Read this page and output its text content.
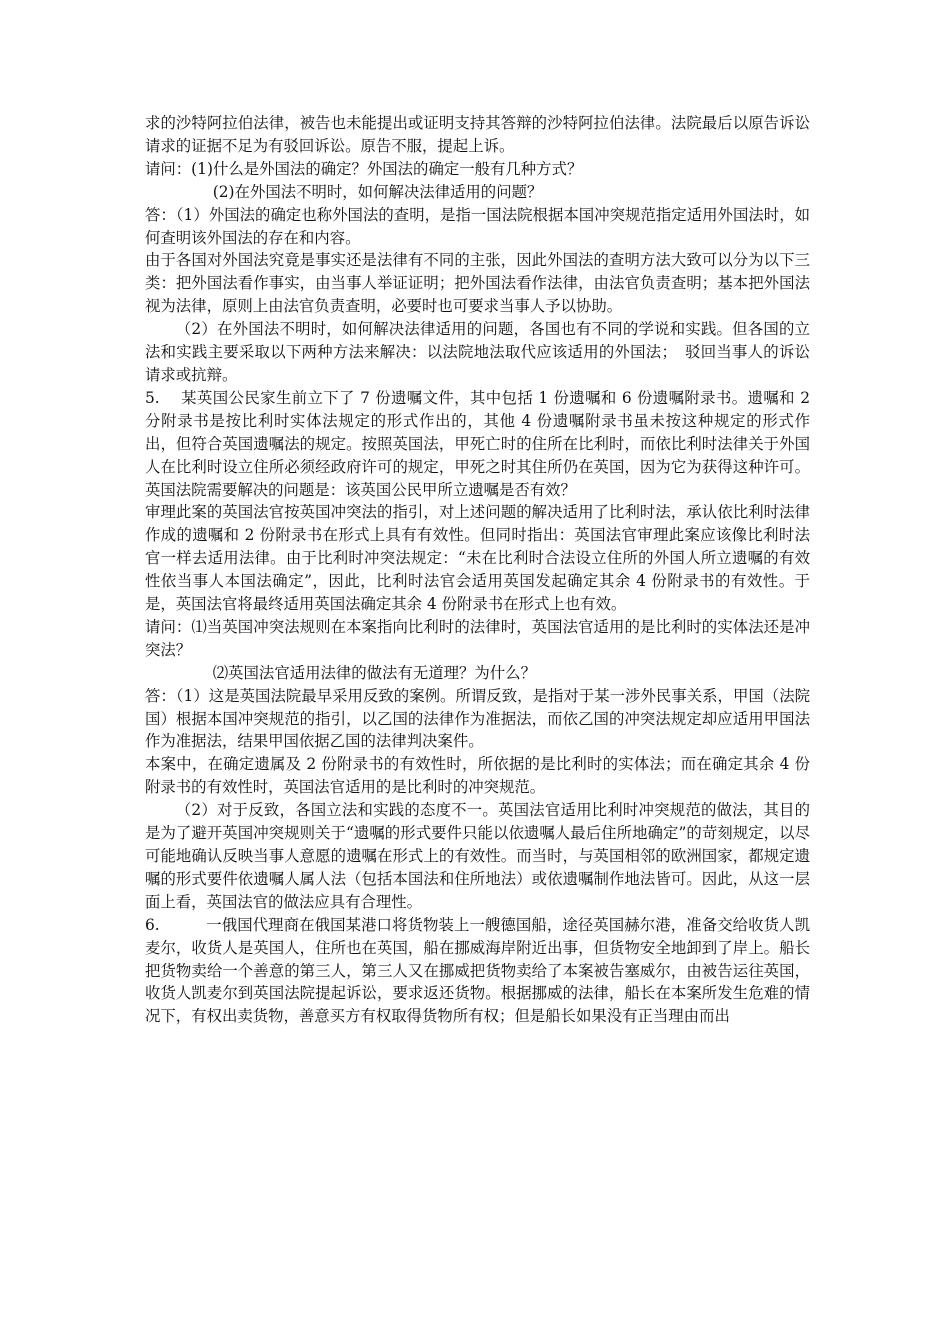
求的沙特阿拉伯法律，被告也未能提出或证明支持其答辩的沙特阿拉伯法律。法院最后以原告诉讼请求的证据不足为有驳回诉讼。原告不服，提起上诉。

请问：(1)什么是外国法的确定？外国法的确定一般有几种方式？

(2)在外国法不明时，如何解决法律适用的问题？

答：（1）外国法的确定也称外国法的查明，是指一国法院根据本国冲突规范指定适用外国法时，如何查明该外国法的存在和内容。

由于各国对外国法究竟是事实还是法律有不同的主张，因此外国法的查明方法大致可以分为以下三类：把外国法看作事实，由当事人举证证明；把外国法看作法律，由法官负责查明；基本把外国法视为法律，原则上由法官负责查明，必要时也可要求当事人予以协助。

（2）在外国法不明时，如何解决法律适用的问题，各国也有不同的学说和实践。但各国的立法和实践主要采取以下两种方法来解决：以法院地法取代应该适用的外国法；　驳回当事人的诉讼请求或抗辩。

5.　 某英国公民家生前立下了 7 份遗嘱文件，其中包括 1 份遗嘱和 6 份遗嘱附录书。遗嘱和 2 分附录书是按比利时实体法规定的形式作出的，其他 4 份遗嘱附录书虽未按这种规定的形式作出，但符合英国遗嘱法的规定。按照英国法，甲死亡时的住所在比利时，而依比利时法律关于外国人在比利时设立住所必须经政府许可的规定，甲死之时其住所仍在英国，因为它为获得这种许可。英国法院需要解决的问题是：该英国公民甲所立遗嘱是否有效？

审理此案的英国法官按英国冲突法的指引，对上述问题的解决适用了比利时法，承认依比利时法律作成的遗嘱和 2 份附录书在形式上具有有效性。但同时指出：英国法官审理此案应该像比利时法官一样去适用法律。由于比利时冲突法规定：“未在比利时合法设立住所的外国人所立遗嘱的有效性依当事人本国法确定”，因此，比利时法官会适用英国发起确定其余 4 份附录书的有效性。于是，英国法官将最终适用英国法确定其余 4 份附录书在形式上也有效。

请问：⑴当英国冲突法规则在本案指向比利时的法律时，英国法官适用的是比利时的实体法还是冲突法？

⑵英国法官适用法律的做法有无道理？为什么？

答：（1）这是英国法院最早采用反致的案例。所谓反致，是指对于某一涉外民事关系，甲国（法院国）根据本国冲突规范的指引，以乙国的法律作为准据法，而依乙国的冲突法规定却应适用甲国法作为准据法，结果甲国依据乙国的法律判决案件。

本案中，在确定遗属及 2 份附录书的有效性时，所依据的是比利时的实体法；而在确定其余 4 份附录书的有效性时，英国法官适用的是比利时的冲突规范。

（2）对于反致，各国立法和实践的态度不一。英国法官适用比利时冲突规范的做法，其目的是为了避开英国冲突规则关于“遗嘱的形式要件只能以依遗嘱人最后住所地确定”的苛刻规定，以尽可能地确认反映当事人意愿的遗嘱在形式上的有效性。而当时，与英国相邻的欧洲国家，都规定遗嘱的形式要件依遗嘱人属人法（包括本国法和住所地法）或依遗嘱制作地法皆可。因此，从这一层面上看，英国法官的做法应具有合理性。

6.　　　一俄国代理商在俄国某港口将货物装上一艘德国船，途径英国赫尔港，准备交给收货人凯麦尔，收货人是英国人，住所也在英国，船在挪威海岸附近出事，但货物安全地卸到了岸上。船长把货物卖给一个善意的第三人，第三人又在挪威把货物卖给了本案被告塞威尔，由被告运往英国，收货人凯麦尔到英国法院提起诉讼，要求返还货物。根据挪威的法律，船长在本案所发生危难的情况下，有权出卖货物，善意买方有权取得货物所有权；但是船长如果没有正当理由而出
